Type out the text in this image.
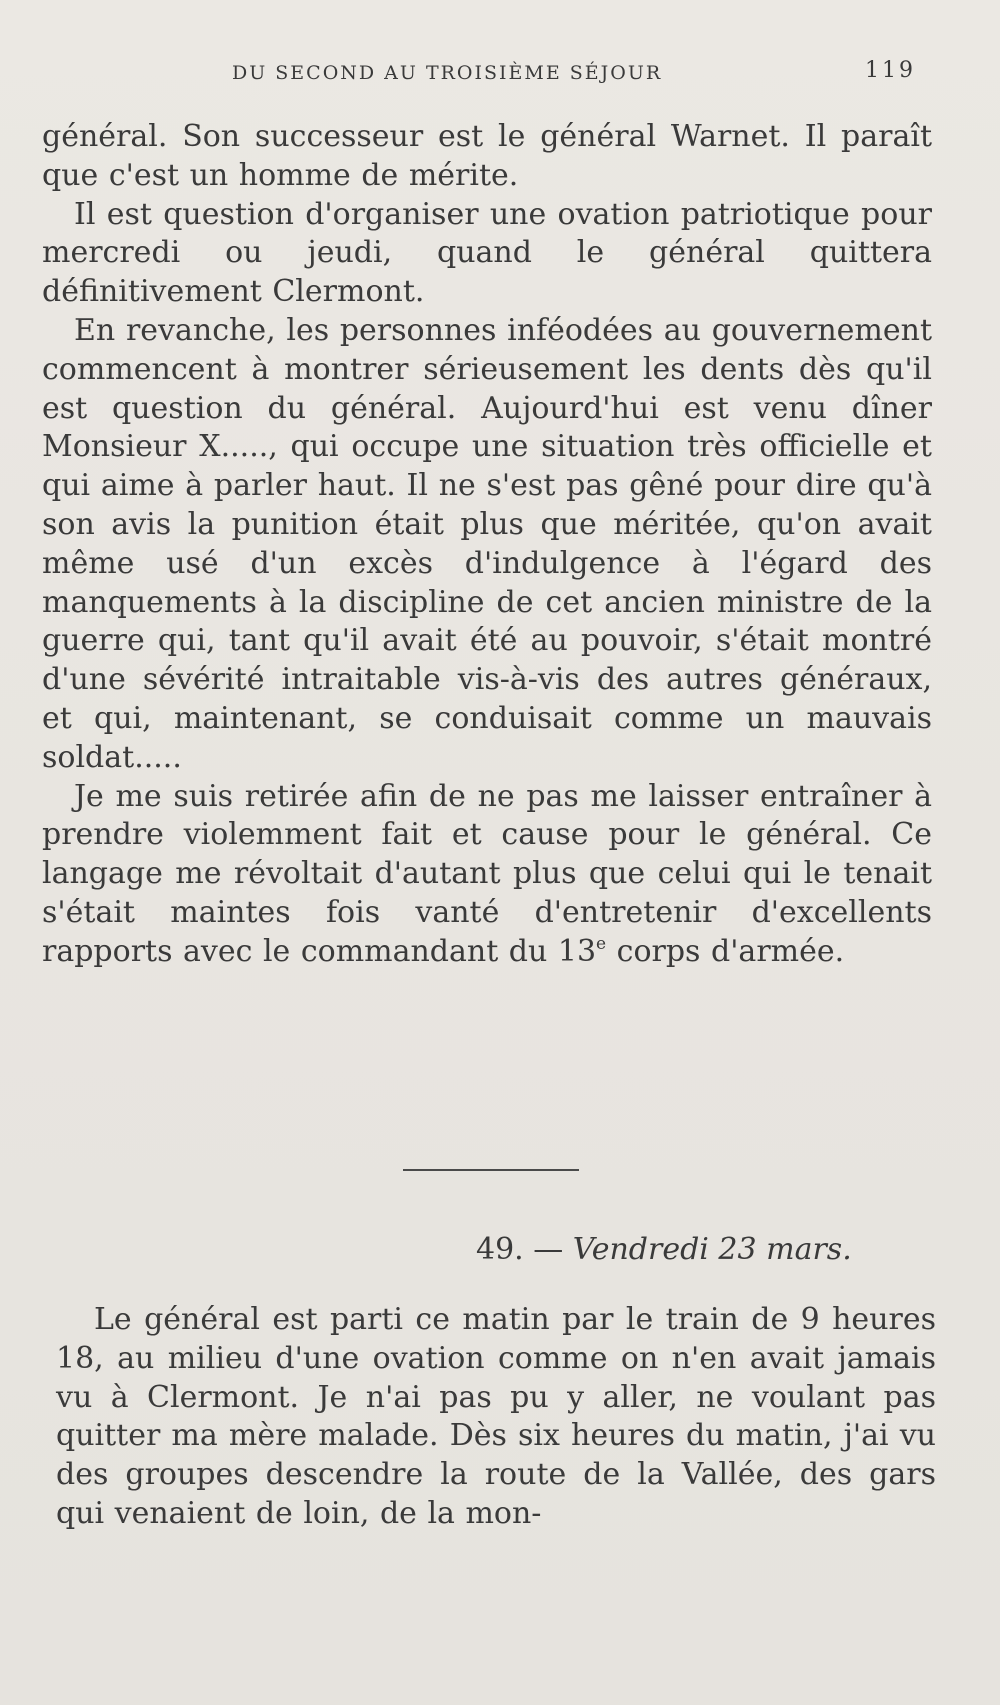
DU SECOND AU TROISIÈME SÉJOUR	119

général. Son successeur est le général Warnet. Il paraît que c'est un homme de mérite.

Il est question d'organiser une ovation patriotique pour mercredi ou jeudi, quand le général quittera définitivement Clermont.

En revanche, les personnes inféodées au gouvernement commencent à montrer sérieusement les dents dès qu'il est question du général. Aujourd'hui est venu dîner Monsieur X....., qui occupe une situation très officielle et qui aime à parler haut. Il ne s'est pas gêné pour dire qu'à son avis la punition était plus que méritée, qu'on avait même usé d'un excès d'indulgence à l'égard des manquements à la discipline de cet ancien ministre de la guerre qui, tant qu'il avait été au pouvoir, s'était montré d'une sévérité intraitable vis-à-vis des autres généraux, et qui, maintenant, se conduisait comme un mauvais soldat.....

Je me suis retirée afin de ne pas me laisser entraîner à prendre violemment fait et cause pour le général. Ce langage me révoltait d'autant plus que celui qui le tenait s'était maintes fois vanté d'entretenir d'excellents rapports avec le commandant du 13e corps d'armée.

49. — Vendredi 23 mars.

Le général est parti ce matin par le train de 9 heures 18, au milieu d'une ovation comme on n'en avait jamais vu à Clermont. Je n'ai pas pu y aller, ne voulant pas quitter ma mère malade. Dès six heures du matin, j'ai vu des groupes descendre la route de la Vallée, des gars qui venaient de loin, de la mon-
